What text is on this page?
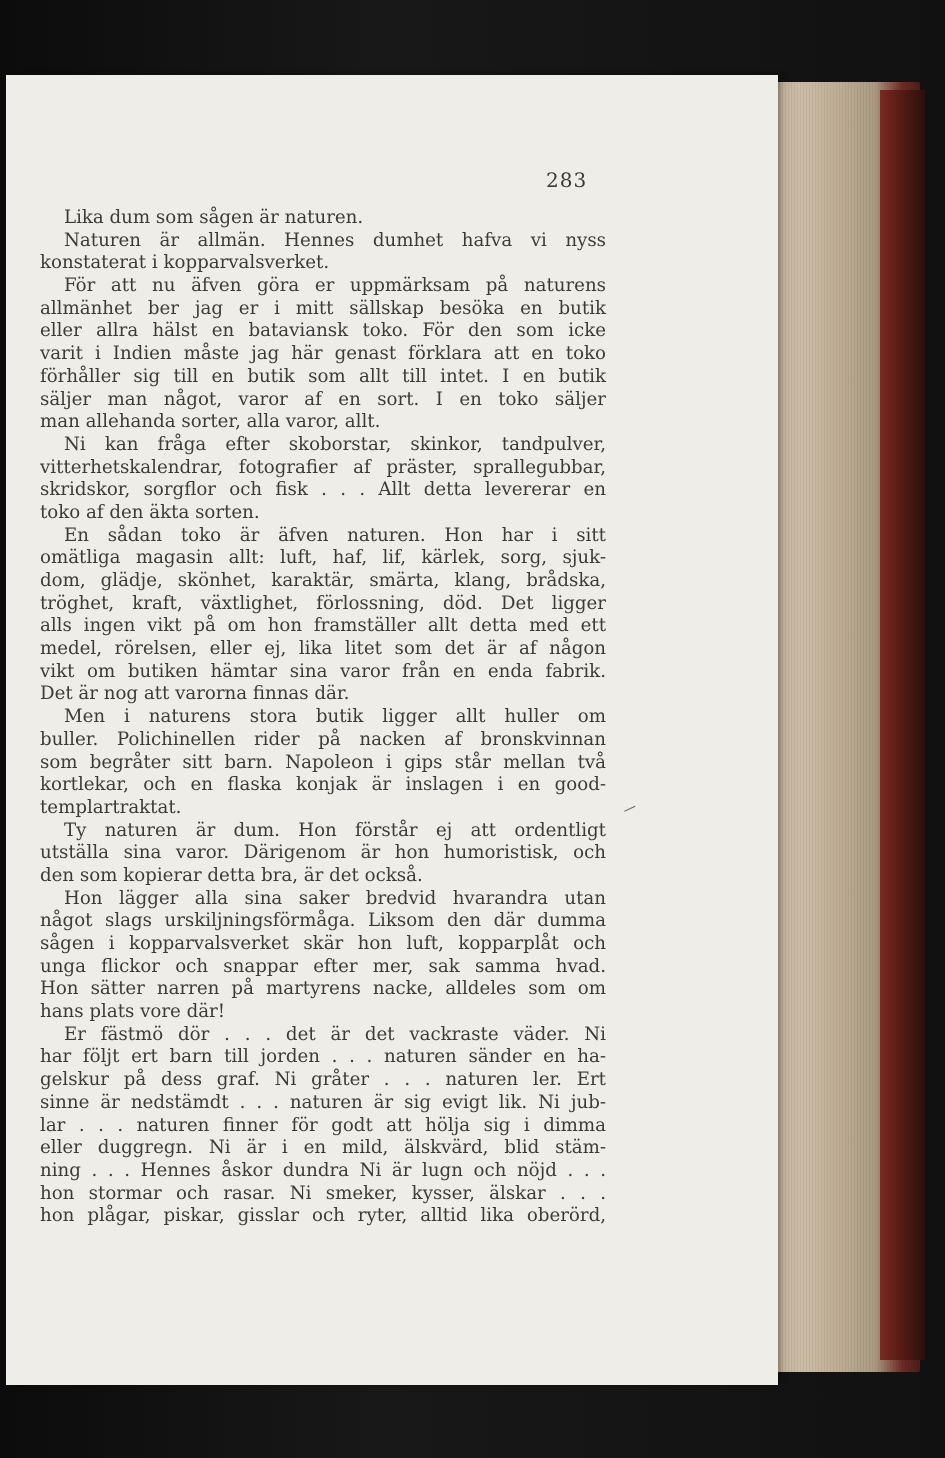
283
Lika dum som sågen är naturen.
Naturen är allmän. Hennes dumhet hafva vi nyss
konstaterat i kopparvalsverket.
För att nu äfven göra er uppmärksam på naturens
allmänhet ber jag er i mitt sällskap besöka en butik
eller allra hälst en bataviansk toko. För den som icke
varit i Indien måste jag här genast förklara att en toko
förhåller sig till en butik som allt till intet. I en butik
säljer man något, varor af en sort. I en toko säljer
man allehanda sorter, alla varor, allt.
Ni kan fråga efter skoborstar, skinkor, tandpulver,
vitterhetskalendrar, fotografier af präster, sprallegubbar,
skridskor, sorgflor och fisk . . . Allt detta levererar en
toko af den äkta sorten.
En sådan toko är äfven naturen. Hon har i sitt
omätliga magasin allt: luft, haf, lif, kärlek, sorg, sjuk-
dom, glädje, skönhet, karaktär, smärta, klang, brådska,
tröghet, kraft, växtlighet, förlossning, död. Det ligger
alls ingen vikt på om hon framställer allt detta med ett
medel, rörelsen, eller ej, lika litet som det är af någon
vikt om butiken hämtar sina varor från en enda fabrik.
Det är nog att varorna finnas där.
Men i naturens stora butik ligger allt huller om
buller. Polichinellen rider på nacken af bronskvinnan
som begråter sitt barn. Napoleon i gips står mellan två
kortlekar, och en flaska konjak är inslagen i en good-
templartraktat.
Ty naturen är dum. Hon förstår ej att ordentligt
utställa sina varor. Därigenom är hon humoristisk, och
den som kopierar detta bra, är det också.
Hon lägger alla sina saker bredvid hvarandra utan
något slags urskiljningsförmåga. Liksom den där dumma
sågen i kopparvalsverket skär hon luft, kopparplåt och
unga flickor och snappar efter mer, sak samma hvad.
Hon sätter narren på martyrens nacke, alldeles som om
hans plats vore där!
Er fästmö dör . . . det är det vackraste väder. Ni
har följt ert barn till jorden . . . naturen sänder en ha-
gelskur på dess graf. Ni gråter . . . naturen ler. Ert
sinne är nedstämdt . . . naturen är sig evigt lik. Ni jub-
lar . . . naturen finner för godt att hölja sig i dimma
eller duggregn. Ni är i en mild, älskvärd, blid stäm-
ning . . . Hennes åskor dundra Ni är lugn och nöjd . . .
hon stormar och rasar. Ni smeker, kysser, älskar . . .
hon plågar, piskar, gisslar och ryter, alltid lika oberörd,
